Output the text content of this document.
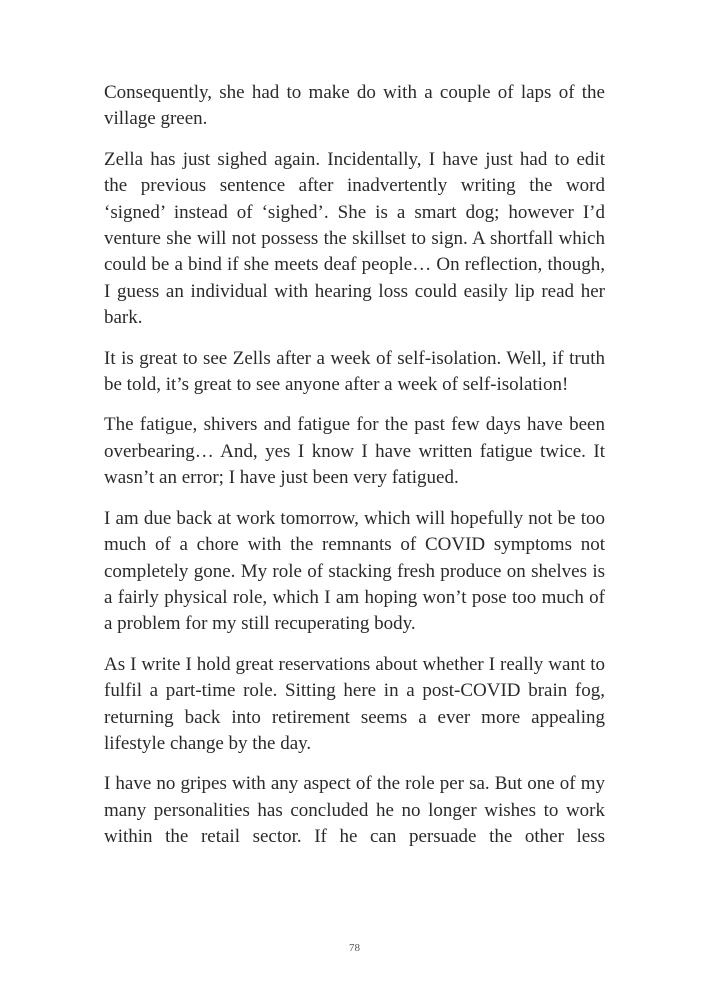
Consequently, she had to make do with a couple of laps of the village green.

Zella has just sighed again. Incidentally, I have just had to edit the previous sentence after inadvertently writing the word ‘signed’ instead of ‘sighed’. She is a smart dog; however I’d venture she will not possess the skillset to sign. A shortfall which could be a bind if she meets deaf people… On reflection, though, I guess an individual with hearing loss could easily lip read her bark.

It is great to see Zells after a week of self-isolation. Well, if truth be told, it’s great to see anyone after a week of self-isolation!

The fatigue, shivers and fatigue for the past few days have been overbearing… And, yes I know I have written fatigue twice. It wasn’t an error; I have just been very fatigued.

I am due back at work tomorrow, which will hopefully not be too much of a chore with the remnants of COVID symptoms not completely gone. My role of stacking fresh produce on shelves is a fairly physical role, which I am hoping won’t pose too much of a problem for my still recuperating body.

As I write I hold great reservations about whether I really want to fulfil a part-time role. Sitting here in a post-COVID brain fog, returning back into retirement seems a ever more appealing lifestyle change by the day.

I have no gripes with any aspect of the role per sa. But one of my many personalities has concluded he no longer wishes to work within the retail sector. If he can persuade the other less

78
